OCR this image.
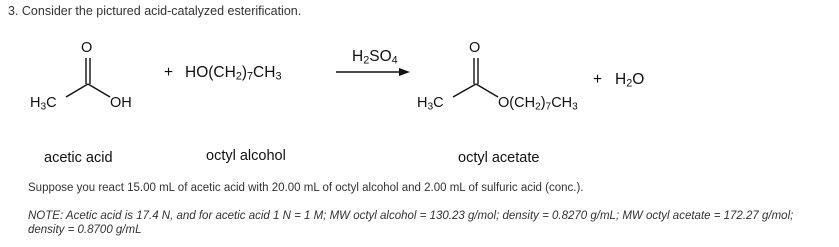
3. Consider the pictured acid-catalyzed esterification.
O
$H_3C$	OH
+ $HO(CH_2)_7CH_3$
$H_2SO_4$
O
$H_3C$	$O(CH_2)_7CH_3$
+ $H_2O$
acetic acid	octyl alcohol	octyl acetate
Suppose you react 15.00 mL of acetic acid with 20.00 mL of octyl alcohol and 2.00 mL of sulfuric acid (conc.).
NOTE: Acetic acid is 17.4 N, and for acetic acid 1 N = 1 M; MW octyl alcohol = 130.23 g/mol; density = 0.8270 g/mL; MW octyl acetate = 172.27 g/mol;
density = 0.8700 g/mL
